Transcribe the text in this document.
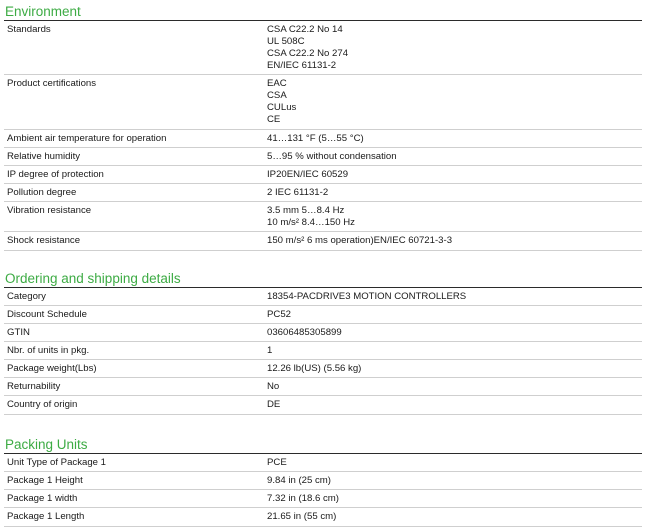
Environment
Standards	CSA C22.2 No 14
UL 508C
CSA C22.2 No 274
EN/IEC 61131-2
Product certifications	EAC
CSA
CULus
CE
Ambient air temperature for operation	41…131 °F (5…55 °C)
Relative humidity	5…95 % without condensation
IP degree of protection	IP20EN/IEC 60529
Pollution degree	2 IEC 61131-2
Vibration resistance	3.5 mm 5…8.4 Hz
10 m/s² 8.4…150 Hz
Shock resistance	150 m/s² 6 ms operation)EN/IEC 60721-3-3
Ordering and shipping details
Category	18354-PACDRIVE3 MOTION CONTROLLERS
Discount Schedule	PC52
GTIN	03606485305899
Nbr. of units in pkg.	1
Package weight(Lbs)	12.26 lb(US) (5.56 kg)
Returnability	No
Country of origin	DE
Packing Units
Unit Type of Package 1	PCE
Package 1 Height	9.84 in (25 cm)
Package 1 width	7.32 in (18.6 cm)
Package 1 Length	21.65 in (55 cm)
